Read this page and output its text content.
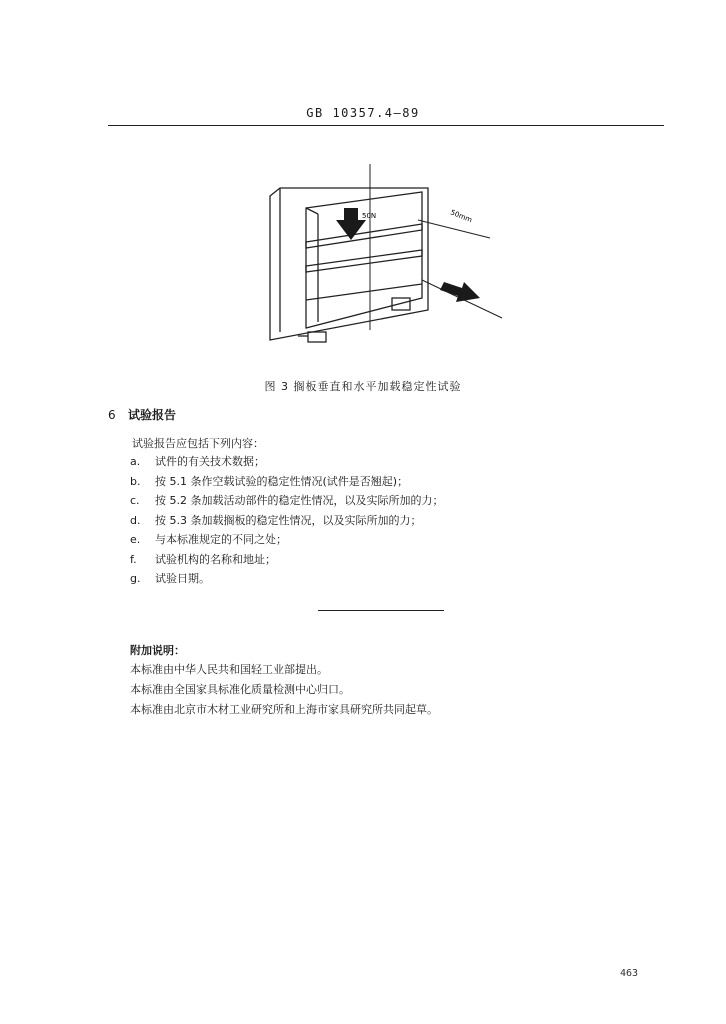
GB 10357.4—89
50N	50mm
图 3 搁板垂直和水平加载稳定性试验
6 试验报告
试验报告应包括下列内容：
a. 试件的有关技术数据；
b. 按 5.1 条作空载试验的稳定性情况(试件是否翘起)；
c. 按 5.2 条加载活动部件的稳定性情况，以及实际所加的力；
d. 按 5.3 条加载搁板的稳定性情况，以及实际所加的力；
e. 与本标准规定的不同之处；
f. 试验机构的名称和地址；
g. 试验日期。
附加说明：
本标准由中华人民共和国轻工业部提出。
本标准由全国家具标准化质量检测中心归口。
本标准由北京市木材工业研究所和上海市家具研究所共同起草。
463
